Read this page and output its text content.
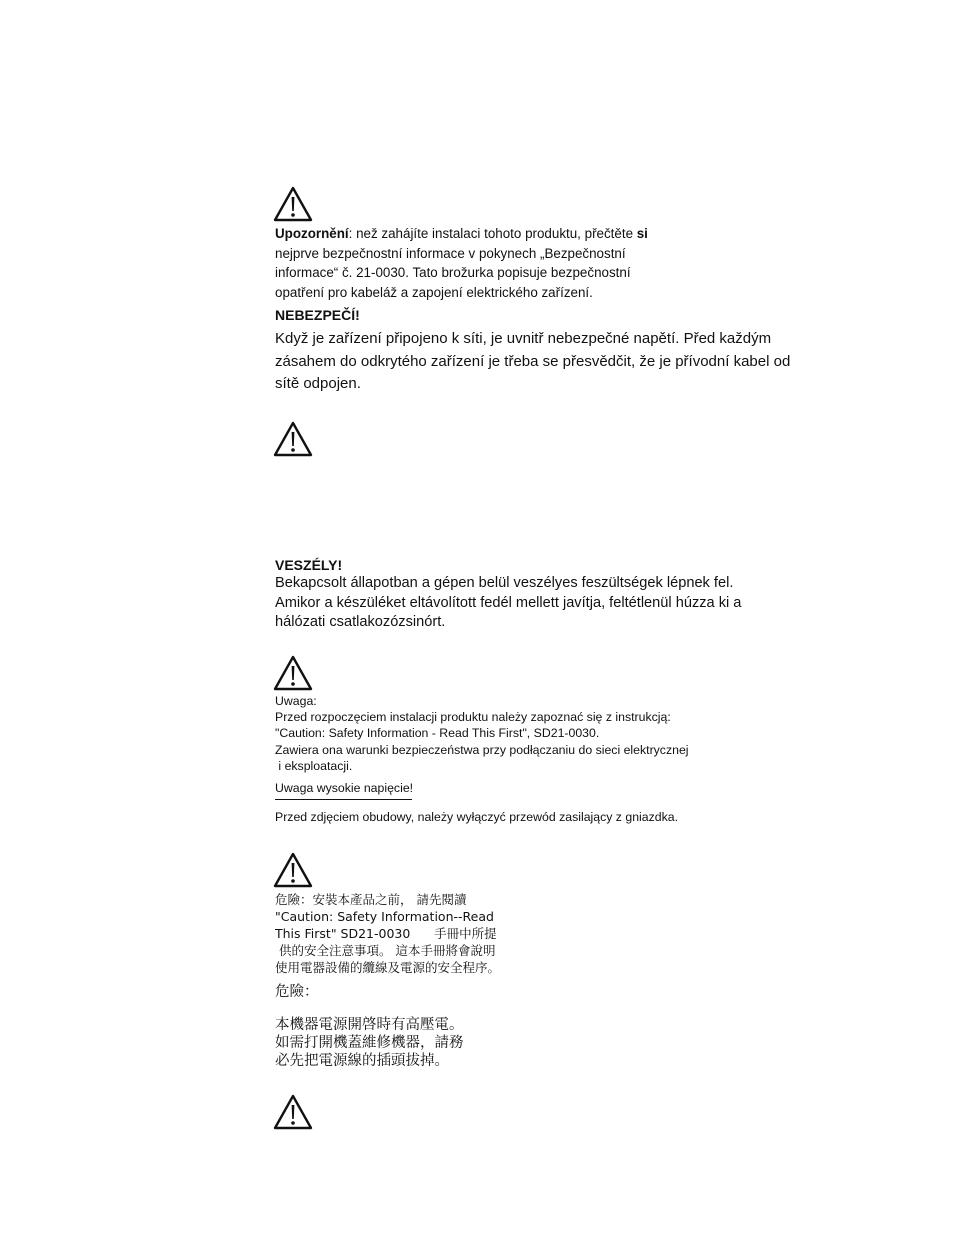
Upozornění: než zahájíte instalaci tohoto produktu, přečtěte si
nejprve bezpečnostní informace v pokynech „Bezpečnostní
informace“ č. 21-0030. Tato brožurka popisuje bezpečnostní
opatření pro kabeláž a zapojení elektrického zařízení.
NEBEZPEČÍ!
Když je zařízení připojeno k síti, je uvnitř nebezpečné napětí. Před každým
zásahem do odkrytého zařízení je třeba se přesvědčit, že je přívodní kabel od
sítě odpojen.
VESZÉLY!
Bekapcsolt állapotban a gépen belül veszélyes feszültségek lépnek fel.
Amikor a készüléket eltávolított fedél mellett javítja, feltétlenül húzza ki a
hálózati csatlakozózsinórt.
Uwaga:
Przed rozpoczęciem instalacji produktu należy zapoznać się z instrukcją:
"Caution: Safety Information - Read This First", SD21-0030.
Zawiera ona warunki bezpieczeństwa przy podłączaniu do sieci elektrycznej
i eksploatacji.
Uwaga wysokie napięcie!
Przed zdjęciem obudowy, należy wyłączyć przewód zasilający z gniazdka.
危險：安裝本產品之前， 請先閱讀
"Caution: Safety Information--Read
This First" SD21-0030      手冊中所提
供的安全注意事項。 這本手冊將會說明
使用電器設備的纜線及電源的安全程序。
危險：
本機器電源開啓時有高壓電。
如需打開機蓋維修機器，請務
必先把電源線的插頭拔掉。
